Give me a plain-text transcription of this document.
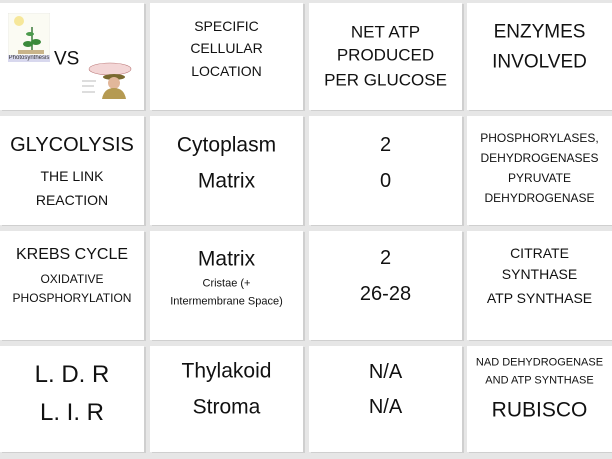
Photosynthesis VS
SPECIFIC
CELLULAR
LOCATION
NET ATP
PRODUCED
PER GLUCOSE
ENZYMES
INVOLVED
GLYCOLYSIS
THE LINK
REACTION
Cytoplasm
Matrix
2
0
PHOSPHORYLASES,
DEHYDROGENASES
PYRUVATE
DEHYDROGENASE
KREBS CYCLE
OXIDATIVE
PHOSPHORYLATION
Matrix
Cristae (+
Intermembrane Space)
2
26-28
CITRATE
SYNTHASE
ATP SYNTHASE
L. D. R
L. I. R
Thylakoid
Stroma
N/A
N/A
NAD DEHYDROGENASE
AND ATP SYNTHASE
RUBISCO
